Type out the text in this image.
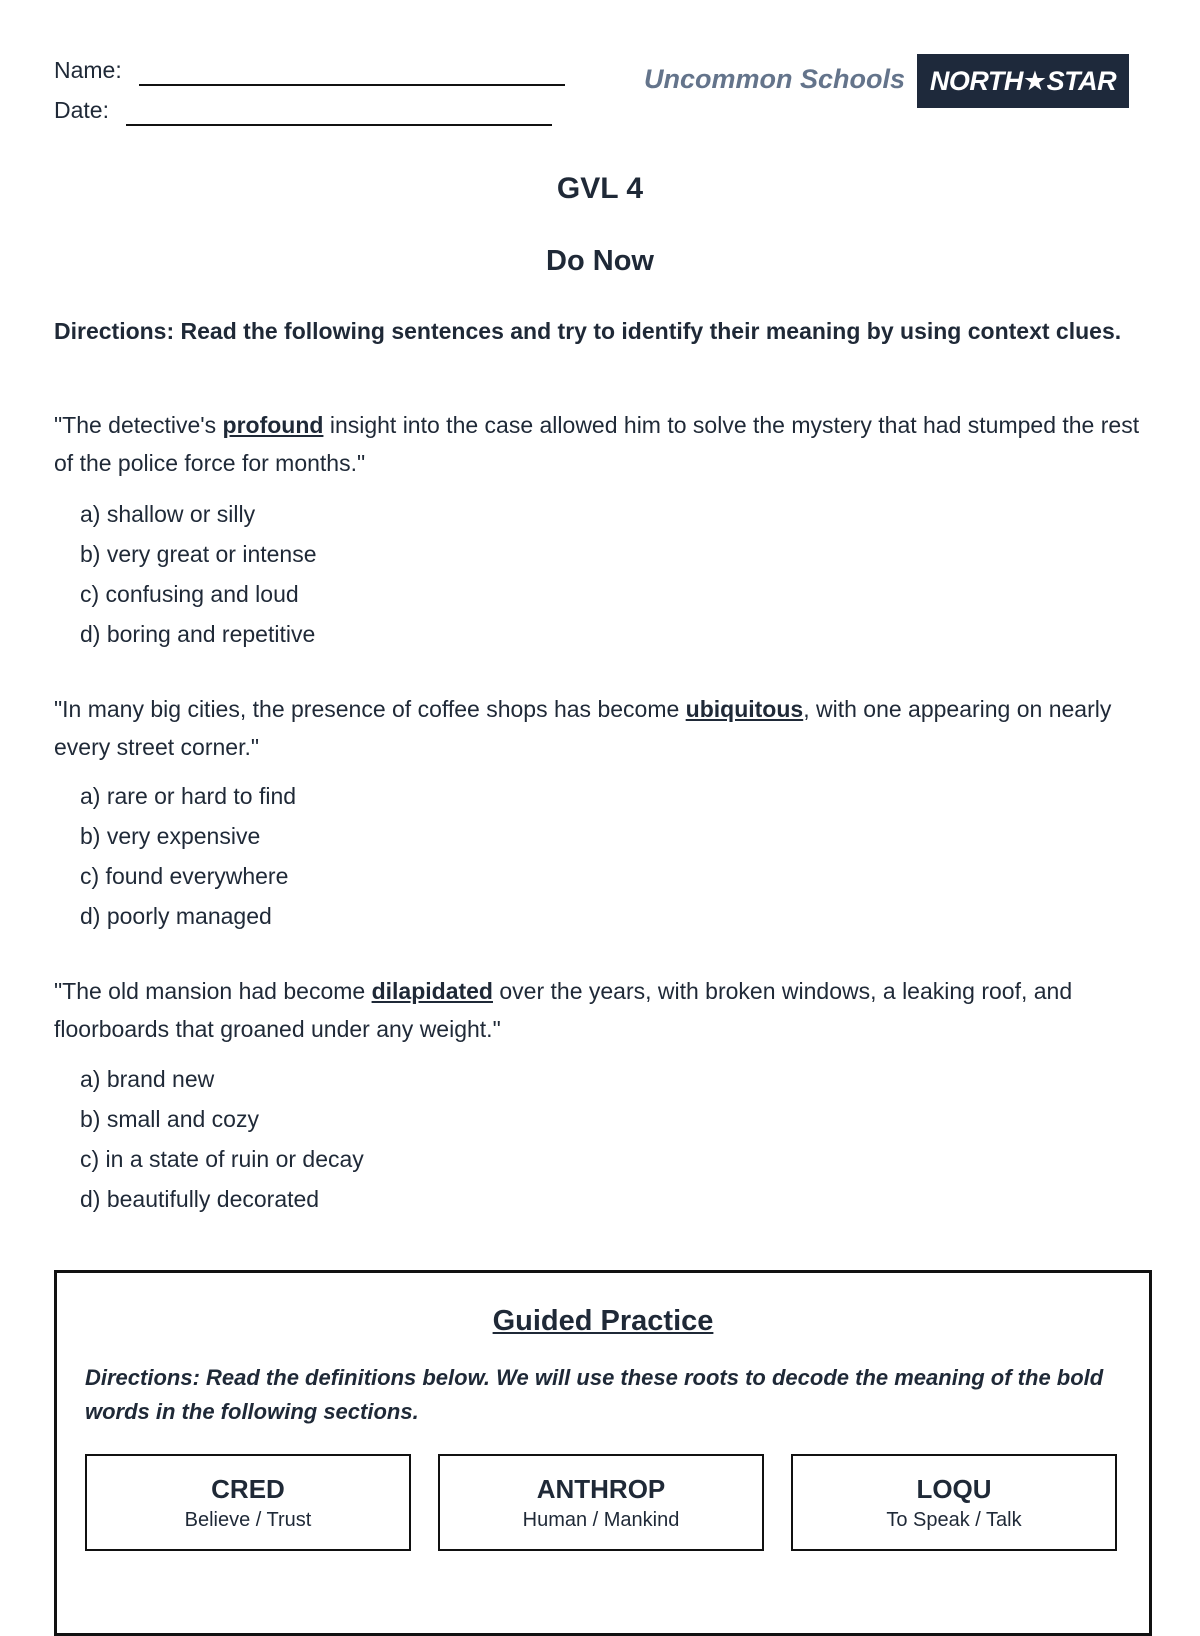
Name:
Date:
Uncommon Schools NORTH★STAR
GVL 4
Do Now
Directions: Read the following sentences and try to identify their meaning by using context clues.
"The detective's profound insight into the case allowed him to solve the mystery that had stumped the rest of the police force for months."
a) shallow or silly
b) very great or intense
c) confusing and loud
d) boring and repetitive
"In many big cities, the presence of coffee shops has become ubiquitous, with one appearing on nearly every street corner."
a) rare or hard to find
b) very expensive
c) found everywhere
d) poorly managed
"The old mansion had become dilapidated over the years, with broken windows, a leaking roof, and floorboards that groaned under any weight."
a) brand new
b) small and cozy
c) in a state of ruin or decay
d) beautifully decorated
Guided Practice
Directions: Read the definitions below. We will use these roots to decode the meaning of the bold words in the following sections.
CRED
Believe / Trust
ANTHROP
Human / Mankind
LOQU
To Speak / Talk
